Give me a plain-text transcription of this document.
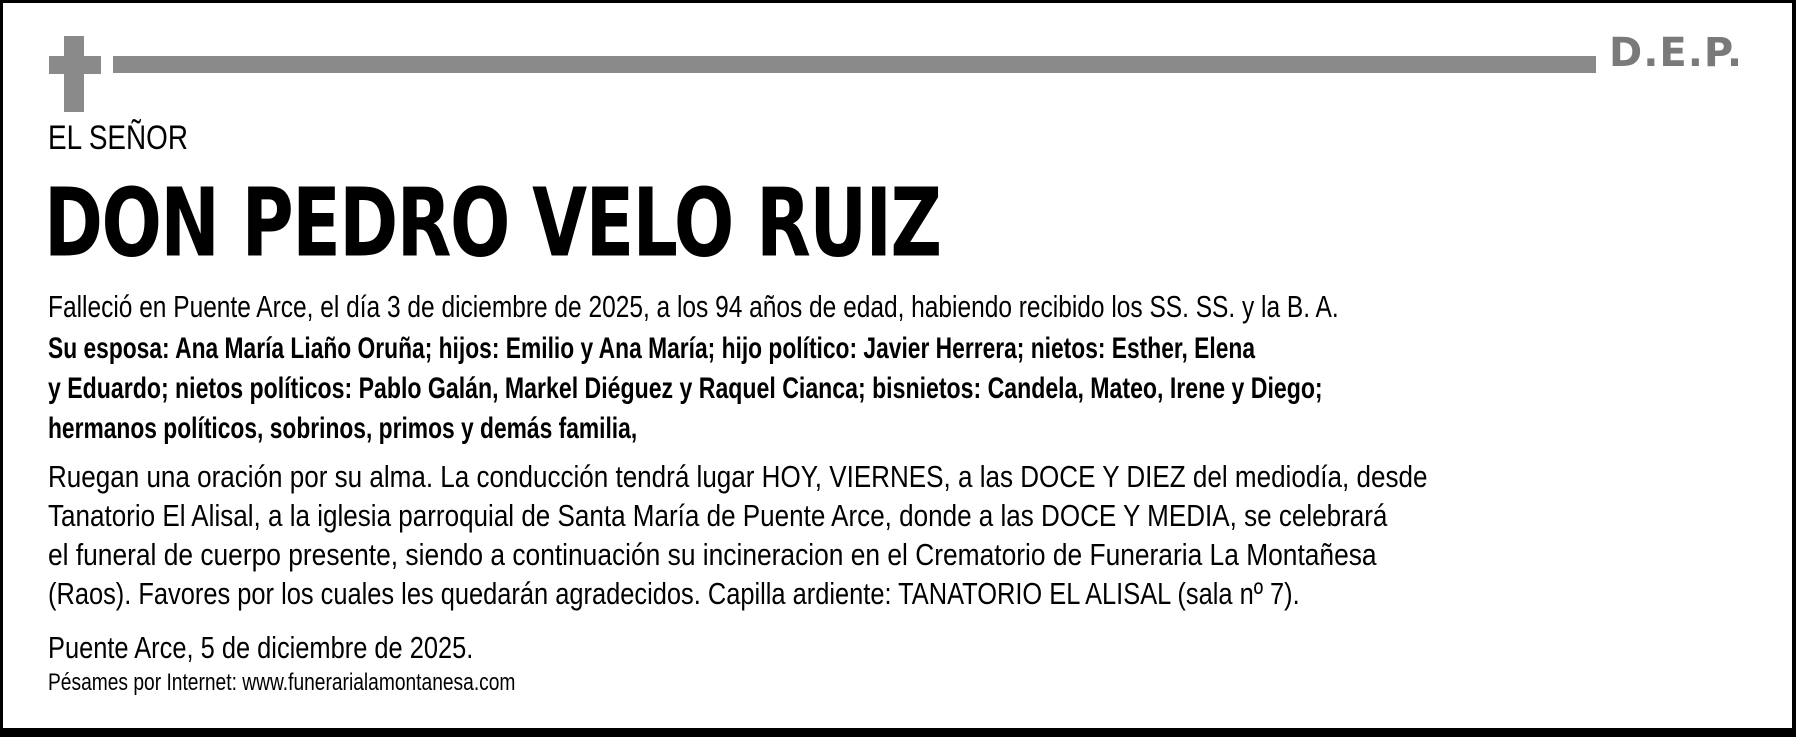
D.E.P.
EL SEÑOR
DON PEDRO VELO RUIZ
Falleció en Puente Arce, el día 3 de diciembre de 2025, a los 94 años de edad, habiendo recibido los SS. SS. y la B. A.
Su esposa: Ana María Liaño Oruña; hijos: Emilio y Ana María; hijo político: Javier Herrera; nietos: Esther, Elena
y Eduardo; nietos políticos: Pablo Galán, Markel Diéguez y Raquel Cianca; bisnietos: Candela, Mateo, Irene y Diego;
hermanos políticos, sobrinos, primos y demás familia,
Ruegan una oración por su alma. La conducción tendrá lugar HOY, VIERNES, a las DOCE Y DIEZ del mediodía, desde
Tanatorio El Alisal, a la iglesia parroquial de Santa María de Puente Arce, donde a las DOCE Y MEDIA, se celebrará
el funeral de cuerpo presente, siendo a continuación su incineracion en el Crematorio de Funeraria La Montañesa
(Raos). Favores por los cuales les quedarán agradecidos. Capilla ardiente: TANATORIO EL ALISAL (sala nº 7).
Puente Arce, 5 de diciembre de 2025.
Pésames por Internet: www.funerarialamontanesa.com
